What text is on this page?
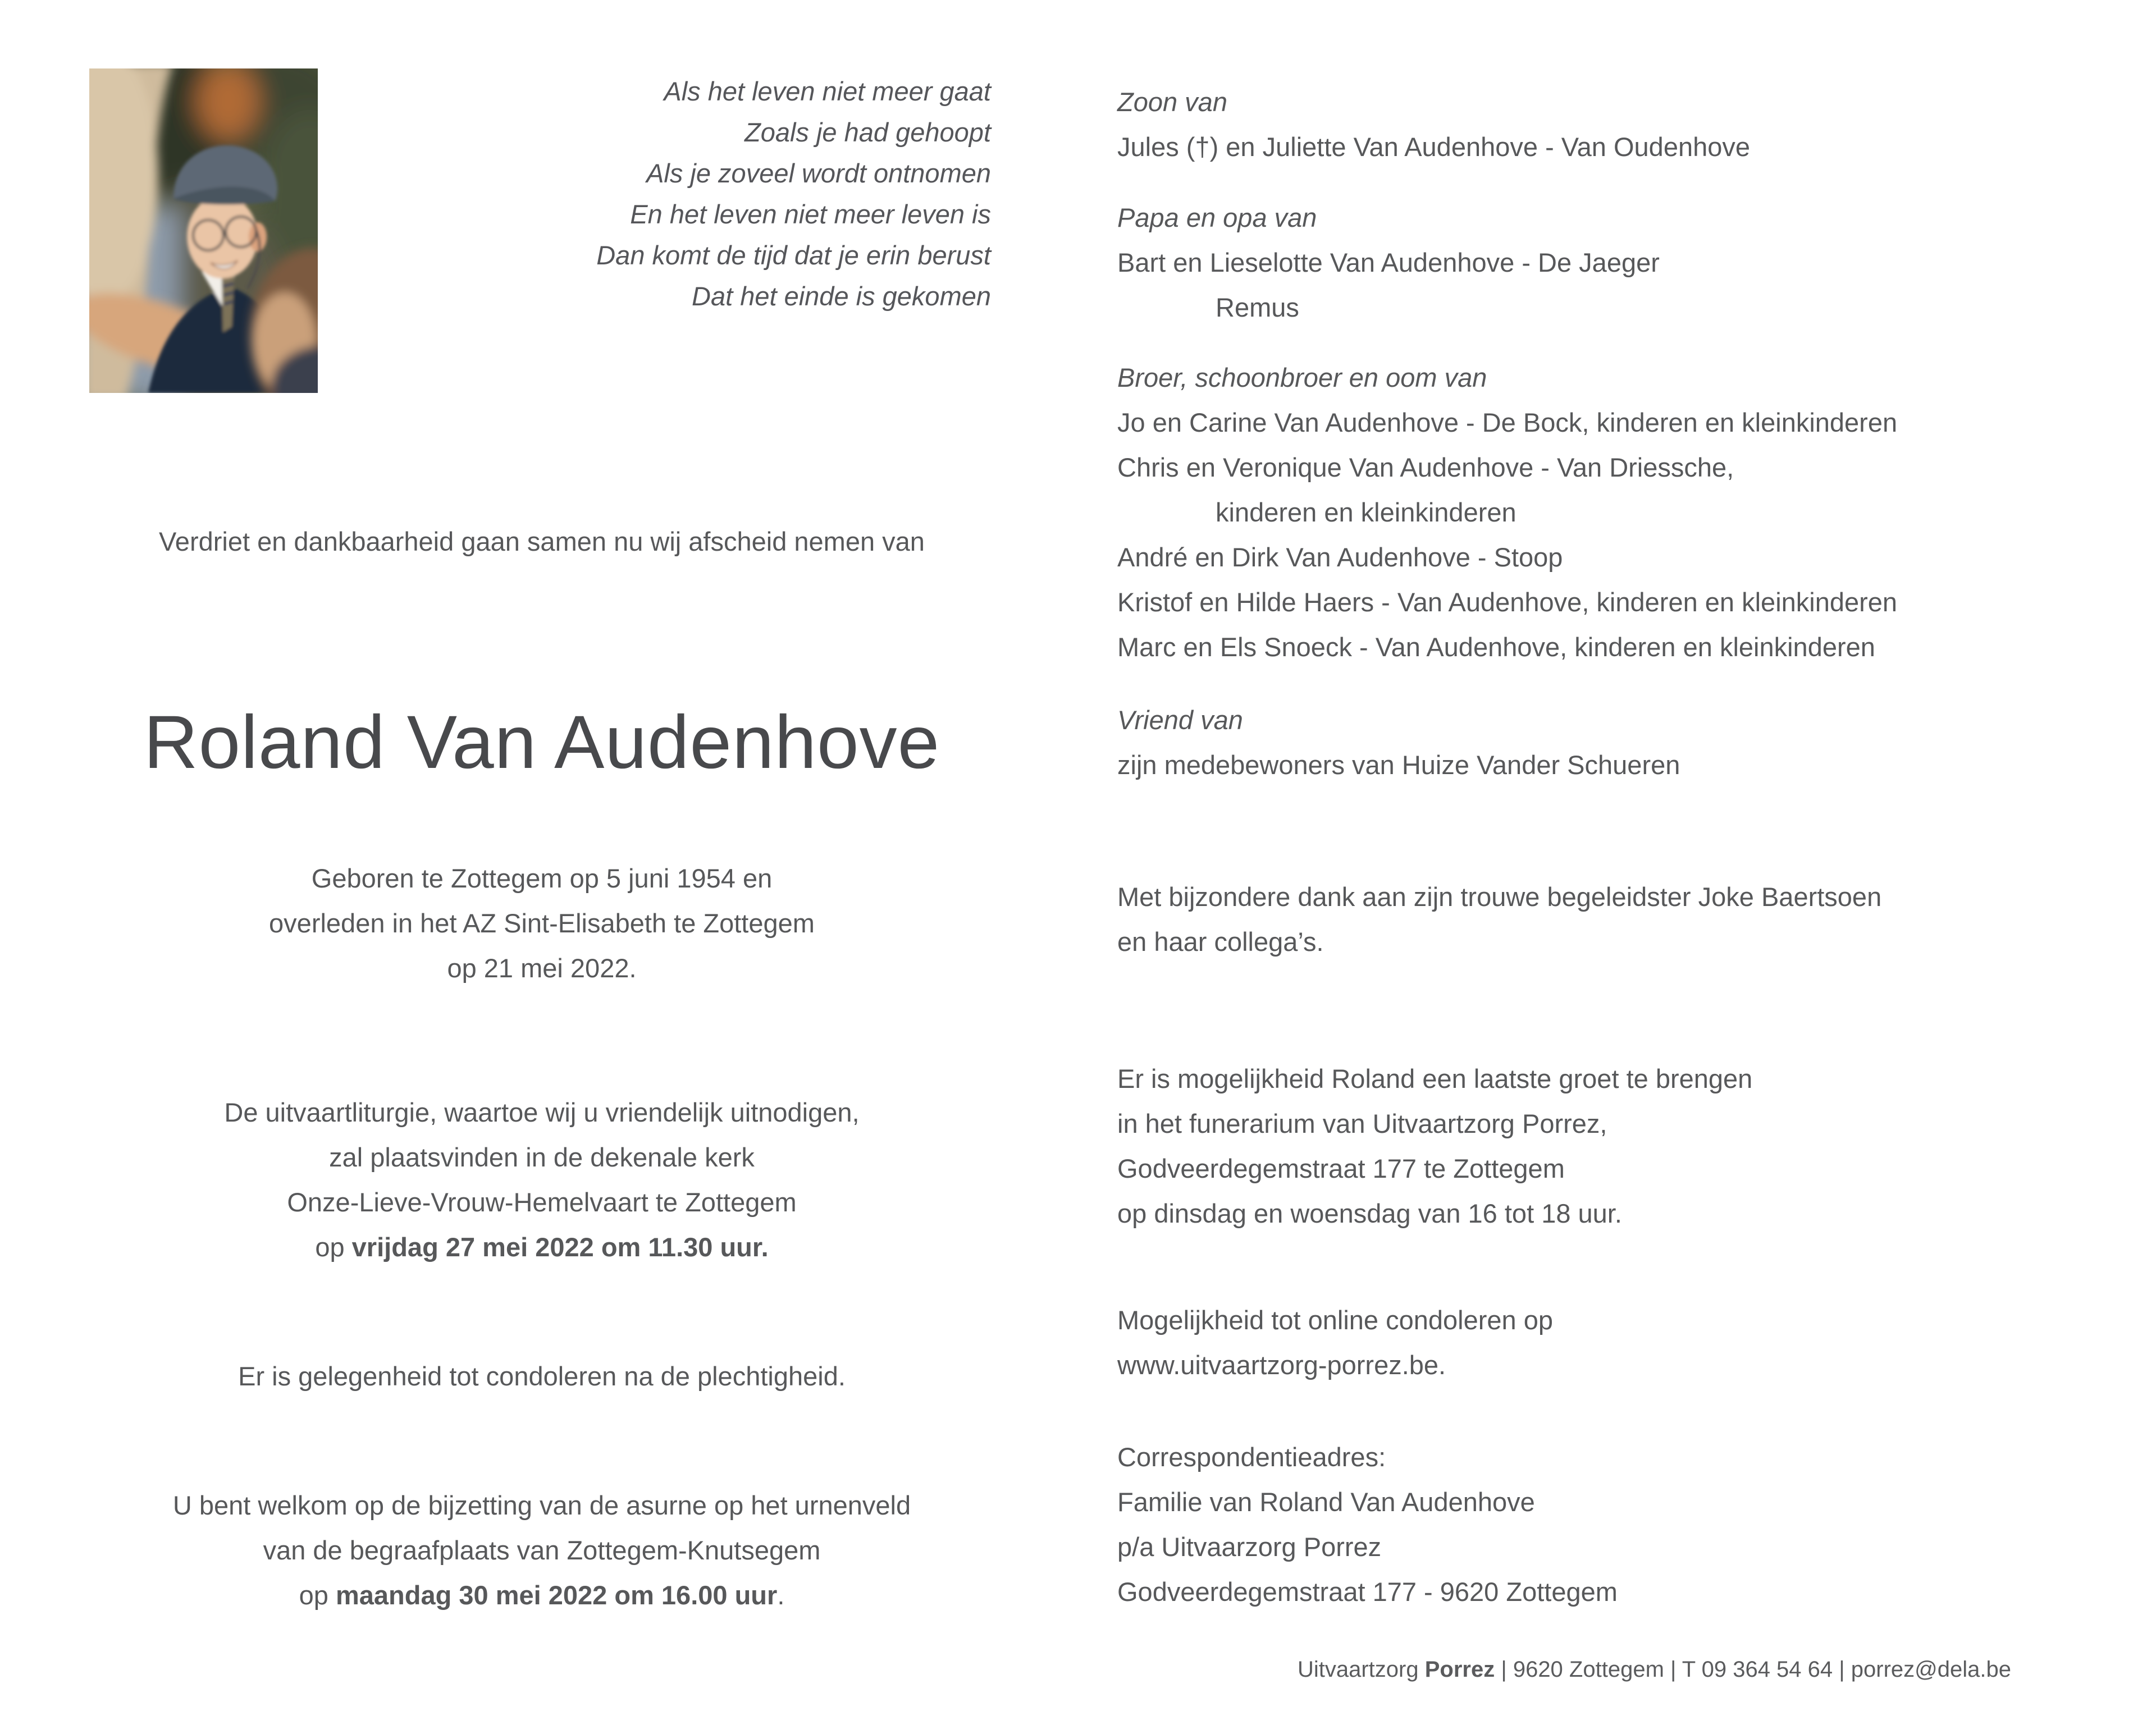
Als het leven niet meer gaat
Zoals je had gehoopt
Als je zoveel wordt ontnomen
En het leven niet meer leven is
Dan komt de tijd dat je erin berust
Dat het einde is gekomen
Verdriet en dankbaarheid gaan samen nu wij afscheid nemen van
Roland Van Audenhove
Geboren te Zottegem op 5 juni 1954 en
overleden in het AZ Sint-Elisabeth te Zottegem
op 21 mei 2022.
De uitvaartliturgie, waartoe wij u vriendelijk uitnodigen,
zal plaatsvinden in de dekenale kerk
Onze-Lieve-Vrouw-Hemelvaart te Zottegem
op vrijdag 27 mei 2022 om 11.30 uur.
Er is gelegenheid tot condoleren na de plechtigheid.
U bent welkom op de bijzetting van de asurne op het urnenveld
van de begraafplaats van Zottegem-Knutsegem
op maandag 30 mei 2022 om 16.00 uur.
Zoon van
Jules (†) en Juliette Van Audenhove - Van Oudenhove
Papa en opa van
Bart en Lieselotte Van Audenhove - De Jaeger
Remus
Broer, schoonbroer en oom van
Jo en Carine Van Audenhove - De Bock, kinderen en kleinkinderen
Chris en Veronique Van Audenhove - Van Driessche,
kinderen en kleinkinderen
André en Dirk Van Audenhove - Stoop
Kristof en Hilde Haers - Van Audenhove, kinderen en kleinkinderen
Marc en Els Snoeck - Van Audenhove, kinderen en kleinkinderen
Vriend van
zijn medebewoners van Huize Vander Schueren
Met bijzondere dank aan zijn trouwe begeleidster Joke Baertsoen
en haar collega’s.
Er is mogelijkheid Roland een laatste groet te brengen
in het funerarium van Uitvaartzorg Porrez,
Godveerdegemstraat 177 te Zottegem
op dinsdag en woensdag van 16 tot 18 uur.
Mogelijkheid tot online condoleren op
www.uitvaartzorg-porrez.be.
Correspondentieadres:
Familie van Roland Van Audenhove
p/a Uitvaarzorg Porrez
Godveerdegemstraat 177 - 9620 Zottegem
Uitvaartzorg Porrez | 9620 Zottegem | T 09 364 54 64 | porrez@dela.be
